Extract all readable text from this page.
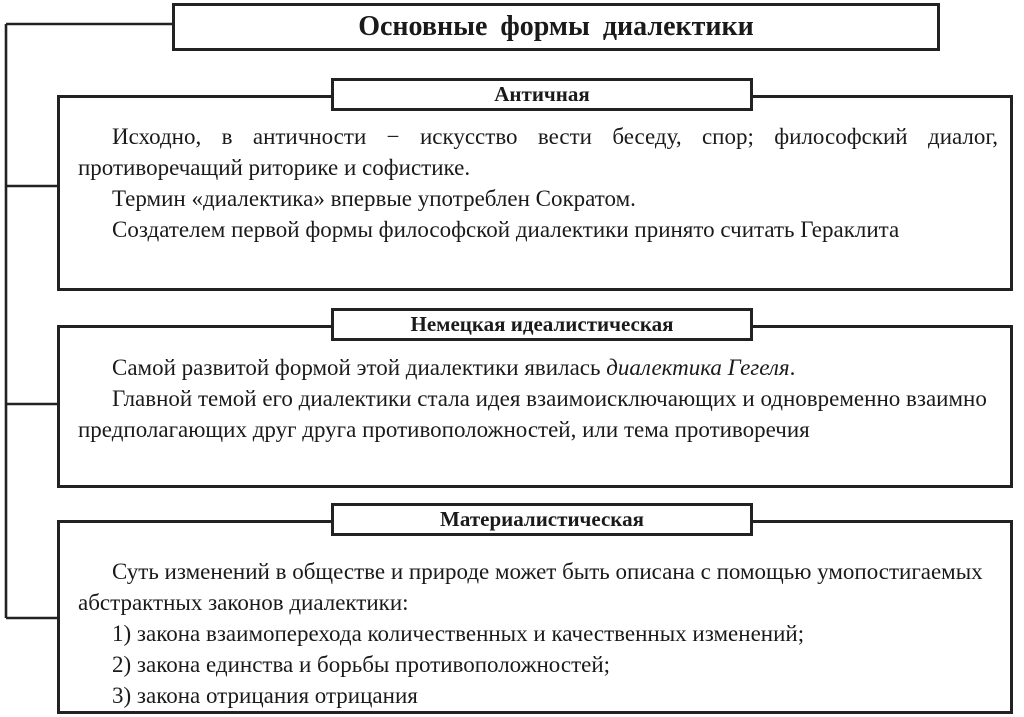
Основные формы диалектики

Исходно, в античности − искусство вести беседу, спор; философский диалог, противоречащий риторике и софистике.

Термин «диалектика» впервые употреблен Сократом.

Создателем первой формы философской диалектики принято считать Гераклита

Античная

Самой развитой формой этой диалектики явилась диалектика Гегеля.

Главной темой его диалектики стала идея взаимоисключающих и одновременно взаимно предполагающих друг друга противоположностей, или тема противоречия

Немецкая идеалистическая

Суть изменений в обществе и природе может быть описана с помощью умопостигаемых абстрактных законов диалектики:

1) закона взаимоперехода количественных и качественных изменений;

2) закона единства и борьбы противоположностей;

3) закона отрицания отрицания

Материалистическая
